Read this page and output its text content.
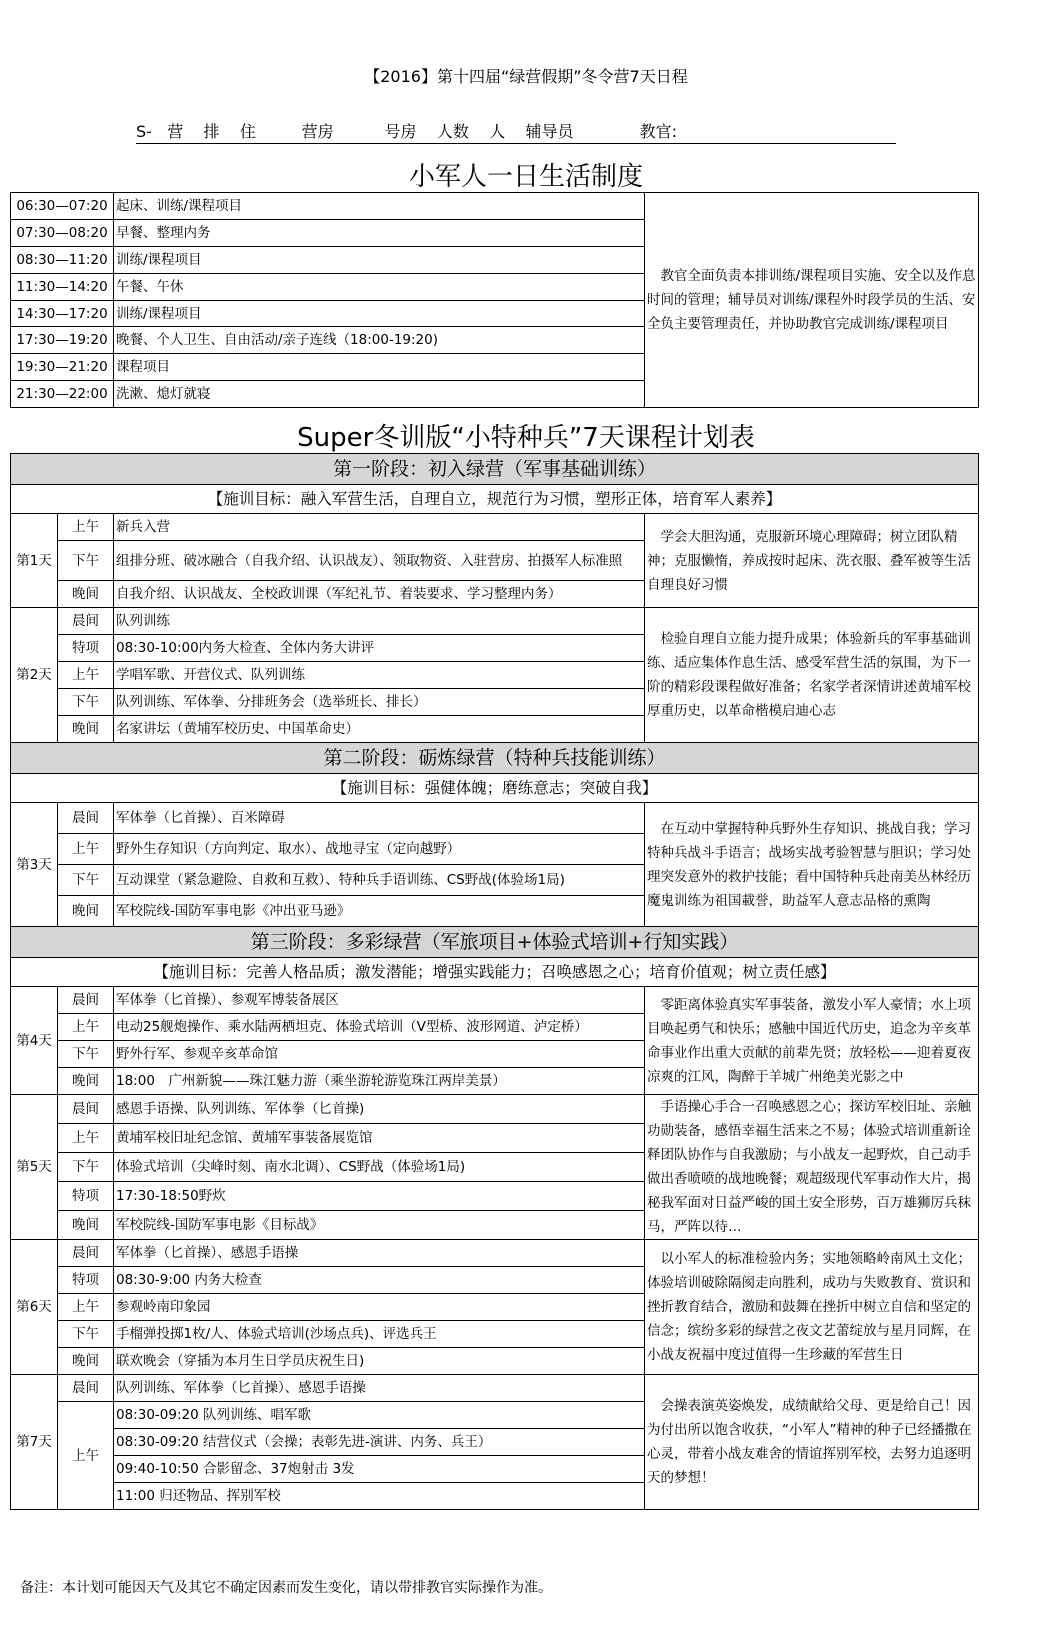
【2016】第十四届“绿营假期”冬令营7天日程
S-   营    排    住         营房          号房    人数    人    辅导员             教官:
小军人一日生活制度
06:30—07:20	起床、训练/课程项目	　教官全面负责本排训练/课程项目实施、安全以及作息时间的管理；辅导员对训练/课程外时段学员的生活、安全负主要管理责任，并协助教官完成训练/课程项目
07:30—08:20	早餐、整理内务	
08:30—11:20	训练/课程项目	
11:30—14:20	午餐、午休	
14:30—17:20	训练/课程项目	
17:30—19:20	晚餐、个人卫生、自由活动/亲子连线（18:00-19:20)	
19:30—21:20	课程项目	
21:30—22:00	洗漱、熄灯就寝	
Super冬训版“小特种兵”7天课程计划表
第一阶段：初入绿营（军事基础训练）			
【施训目标：融入军营生活，自理自立，规范行为习惯，塑形正体，培育军人素养】			
第1天	上午	新兵入营	　学会大胆沟通，克服新环境心理障碍；树立团队精神；克服懒惰，养成按时起床、洗衣服、叠军被等生活自理良好习惯
	下午	组排分班、破冰融合（自我介绍、认识战友）、领取物资、入驻营房、拍摄军人标准照	
	晚间	自我介绍、认识战友、全校政训课（军纪礼节、着装要求、学习整理内务）	
第2天	晨间	队列训练	　检验自理自立能力提升成果；体验新兵的军事基础训练、适应集体作息生活、感受军营生活的氛围，为下一阶的精彩段课程做好准备；名家学者深情讲述黄埔军校厚重历史，以革命楷模启迪心志
	特项	08:30-10:00内务大检查、全体内务大讲评	
	上午	学唱军歌、开营仪式、队列训练	
	下午	队列训练、军体拳、分排班务会（选举班长、排长）	
	晚间	名家讲坛（黄埔军校历史、中国革命史）	
第二阶段：砺炼绿营（特种兵技能训练）			
【施训目标：强健体魄；磨练意志；突破自我】			
第3天	晨间	军体拳（匕首操）、百米障碍	　在互动中掌握特种兵野外生存知识、挑战自我；学习特种兵战斗手语言；战场实战考验智慧与胆识；学习处理突发意外的救护技能；看中国特种兵赴南美丛林经历魔鬼训练为祖国載誉，助益军人意志品格的熏陶
	上午	野外生存知识（方向判定、取水）、战地寻宝（定向越野）	
	下午	互动课堂（紧急避险、自救和互救）、特种兵手语训练、CS野战(体验场1局)	
	晚间	军校院线-国防军事电影《冲出亚马逊》	
第三阶段：多彩绿营（军旅项目+体验式培训+行知实践）			
【施训目标：完善人格品质；激发潜能；增强实践能力；召唤感恩之心；培育价值观；树立责任感】			
第4天	晨间	军体拳（匕首操）、参观军博装备展区	　零距离体验真实军事装备，激发小军人豪情；水上项目唤起勇气和快乐；感触中国近代历史，追念为辛亥革命事业作出重大贡献的前辈先贤；放轻松——迎着夏夜凉爽的江风，陶醉于羊城广州绝美光影之中
	上午	电动25舰炮操作、乘水陆两栖坦克、体验式培训（V型桥、波形网道、泸定桥）	
	下午	野外行军、参观辛亥革命馆	
	晚间	18:00　广州新貌——珠江魅力游（乘坐游轮游览珠江两岸美景）	
第5天	晨间	感恩手语操、队列训练、军体拳（匕首操)	　手语操心手合一召唤感恩之心；探访军校旧址、亲触功勋装备，感悟幸福生活来之不易；体验式培训重新诠释团队协作与自我激励；与小战友一起野炊，自己动手做出香喷喷的战地晚餐；观超级现代军事动作大片，揭秘我军面对日益严峻的国土安全形势，百万雄狮厉兵秣马，严阵以待…
	上午	黄埔军校旧址纪念馆、黄埔军事装备展览馆	
	下午	体验式培训（尖峰时刻、南水北调）、CS野战（体验场1局)	
	特项	17:30-18:50野炊	
	晚间	军校院线-国防军事电影《目标战》	
第6天	晨间	军体拳（匕首操）、感恩手语操	　以小军人的标准检验内务；实地领略岭南风土文化；体验培训破除隔阂走向胜利，成功与失败教育、赏识和挫折教育结合，激励和鼓舞在挫折中树立自信和坚定的信念；缤纷多彩的绿营之夜文艺蕾绽放与星月同辉，在小战友祝福中度过值得一生珍藏的军营生日
	特项	08:30-9:00 内务大检查	
	上午	参观岭南印象园	
	下午	手榴弹投掷1枚/人、体验式培训(沙场点兵)、评选兵王	
	晚间	联欢晚会（穿插为本月生日学员庆祝生日)	
第7天	晨间	队列训练、军体拳（匕首操）、感恩手语操	　会操表演英姿焕发，成绩献给父母、更是给自己！因为付出所以饱含收获，“小军人”精神的种子已经播撒在心灵，带着小战友难舍的情谊挥别军校，去努力追逐明天的梦想！
	上午	08:30-09:20 队列训练、唱军歌	
		08:30-09:20 结营仪式（会操；表彰先进-演讲、内务、兵王）	
		09:40-10:50 合影留念、37炮射击 3发	
		11:00 归还物品、挥别军校	
备注：本计划可能因天气及其它不确定因素而发生变化，请以带排教官实际操作为准。
